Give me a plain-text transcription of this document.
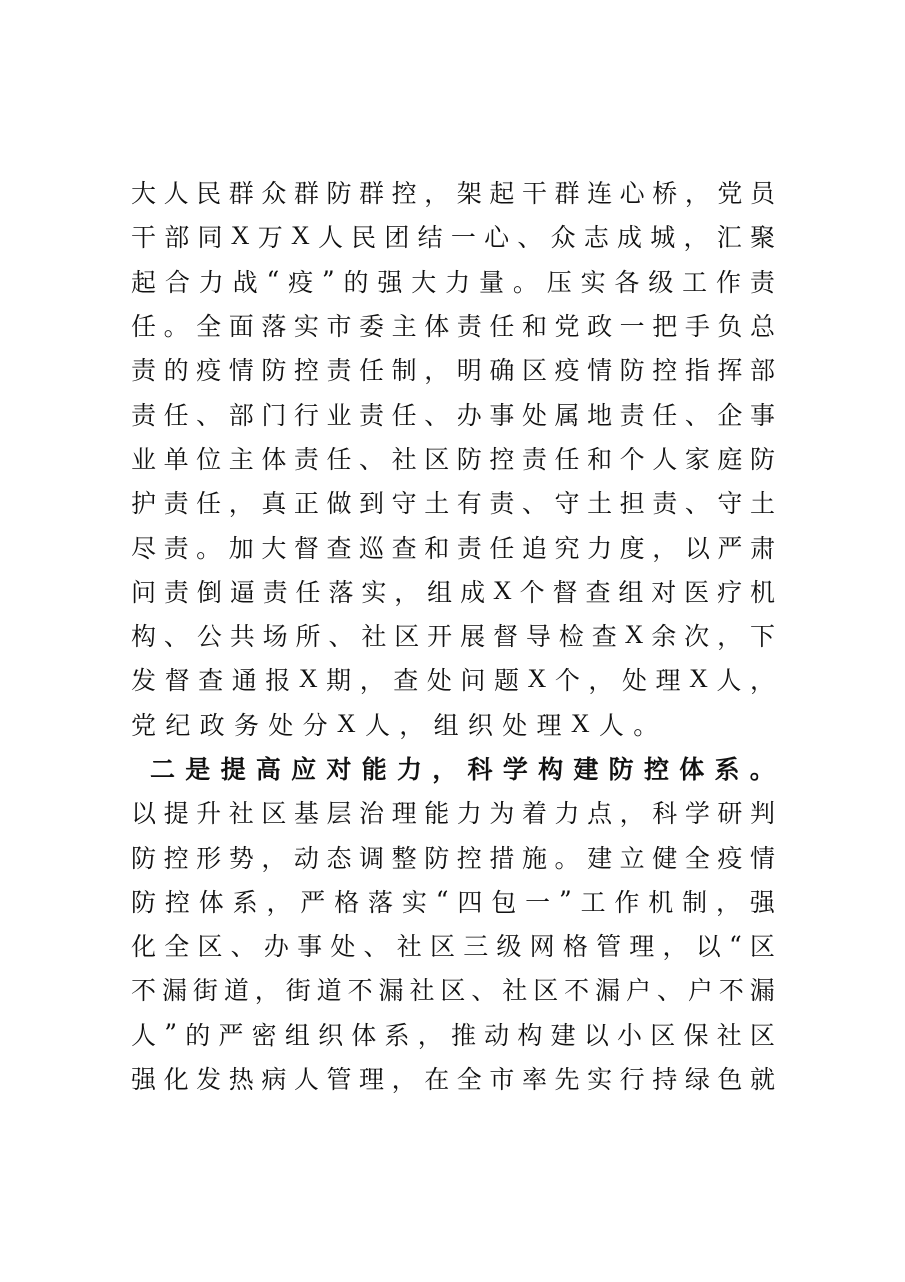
大 人 民 群 众 群 防 群 控 ， 架 起 干 群 连 心 桥 ， 党 员
干 部 同 X 万 X 人 民 团 结 一 心 、 众 志 成 城 ， 汇 聚
起 合 力 战 “ 疫 ” 的 强 大 力 量 。 压 实 各 级 工 作 责
任 。 全 面 落 实 市 委 主 体 责 任 和 党 政 一 把 手 负 总
责 的 疫 情 防 控 责 任 制 ， 明 确 区 疫 情 防 控 指 挥 部
责 任 、 部 门 行 业 责 任 、 办 事 处 属 地 责 任 、 企 事
业 单 位 主 体 责 任 、 社 区 防 控 责 任 和 个 人 家 庭 防
护 责 任 ， 真 正 做 到 守 土 有 责 、 守 土 担 责 、 守 土
尽 责 。 加 大 督 查 巡 查 和 责 任 追 究 力 度 ， 以 严 肃
问 责 倒 逼 责 任 落 实 ， 组 成 X 个 督 查 组 对 医 疗 机
构 、 公 共 场 所 、 社 区 开 展 督 导 检 查 X 余 次 ， 下
发 督 查 通 报 X 期 ， 查 处 问 题 X 个 ， 处 理 X 人 ，
党 纪 政 务 处 分 X 人 ， 组 织 处 理 X 人 。
二 是 提 高 应 对 能 力 ， 科 学 构 建 防 控 体 系 。
以 提 升 社 区 基 层 治 理 能 力 为 着 力 点 ， 科 学 研 判
防 控 形 势 ， 动 态 调 整 防 控 措 施 。 建 立 健 全 疫 情
防 控 体 系 ， 严 格 落 实 “ 四 包 一 ” 工 作 机 制 ， 强
化 全 区 、 办 事 处 、 社 区 三 级 网 格 管 理 ， 以 “ 区
不 漏 街 道 ， 街 道 不 漏 社 区 、 社 区 不 漏 户 、 户 不 漏
人 ” 的 严 密 组 织 体 系 ， 推 动 构 建 以 小 区 保 社 区
强 化 发 热 病 人 管 理 ， 在 全 市 率 先 实 行 持 绿 色 就
